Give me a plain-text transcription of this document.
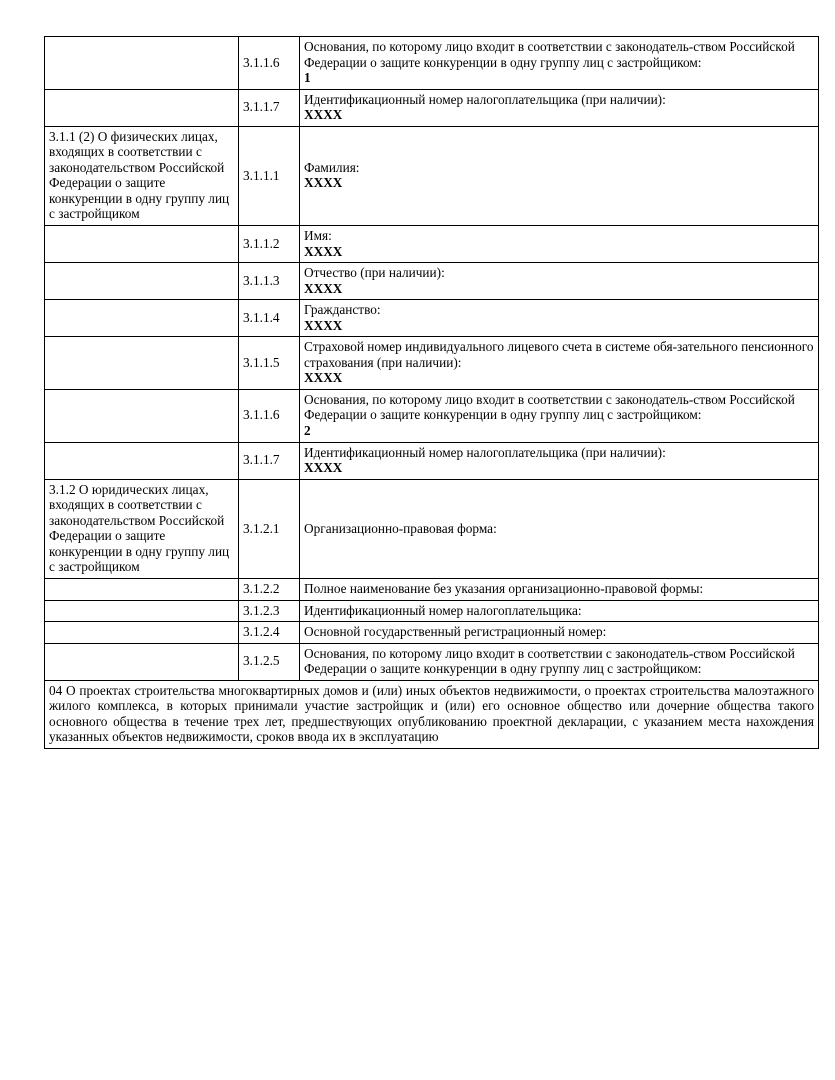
	3.1.1.6	Основания, по которому лицо входит в соответствии с законодатель-ством Российской Федерации о защите конкуренции в одну группу лиц с застройщиком:
1
	3.1.1.7	Идентификационный номер налогоплательщика (при наличии):
XXXX
3.1.1 (2) О физических лицах, входящих в соответствии с законодательством Российской Федерации о защите конкуренции в одну группу лиц с застройщиком	3.1.1.1	Фамилия:
XXXX
	3.1.1.2	Имя:
XXXX
	3.1.1.3	Отчество (при наличии):
XXXX
	3.1.1.4	Гражданство:
XXXX
	3.1.1.5	Страховой номер индивидуального лицевого счета в системе обя-зательного пенсионного страхования (при наличии):
XXXX
	3.1.1.6	Основания, по которому лицо входит в соответствии с законодатель-ством Российской Федерации о защите конкуренции в одну группу лиц с застройщиком:
2
	3.1.1.7	Идентификационный номер налогоплательщика (при наличии):
XXXX
3.1.2 О юридических лицах, входящих в соответствии с законодательством Российской Федерации о защите конкуренции в одну группу лиц с застройщиком	3.1.2.1	Организационно-правовая форма:

	3.1.2.2	Полное наименование без указания организационно-правовой формы:

	3.1.2.3	Идентификационный номер налогоплательщика:

	3.1.2.4	Основной государственный регистрационный номер:

	3.1.2.5	Основания, по которому лицо входит в соответствии с законодатель-ством Российской Федерации о защите конкуренции в одну группу лиц с застройщиком:

04 О проектах строительства многоквартирных домов и (или) иных объектов недвижимости, о проектах строительства малоэтажного жилого комплекса, в которых принимали участие застройщик и (или) его основное общество или дочерние общества такого основного общества в течение трех лет, предшествующих опубликованию проектной декларации, с указанием места нахождения указанных объектов недвижимости, сроков ввода их в эксплуатацию		
